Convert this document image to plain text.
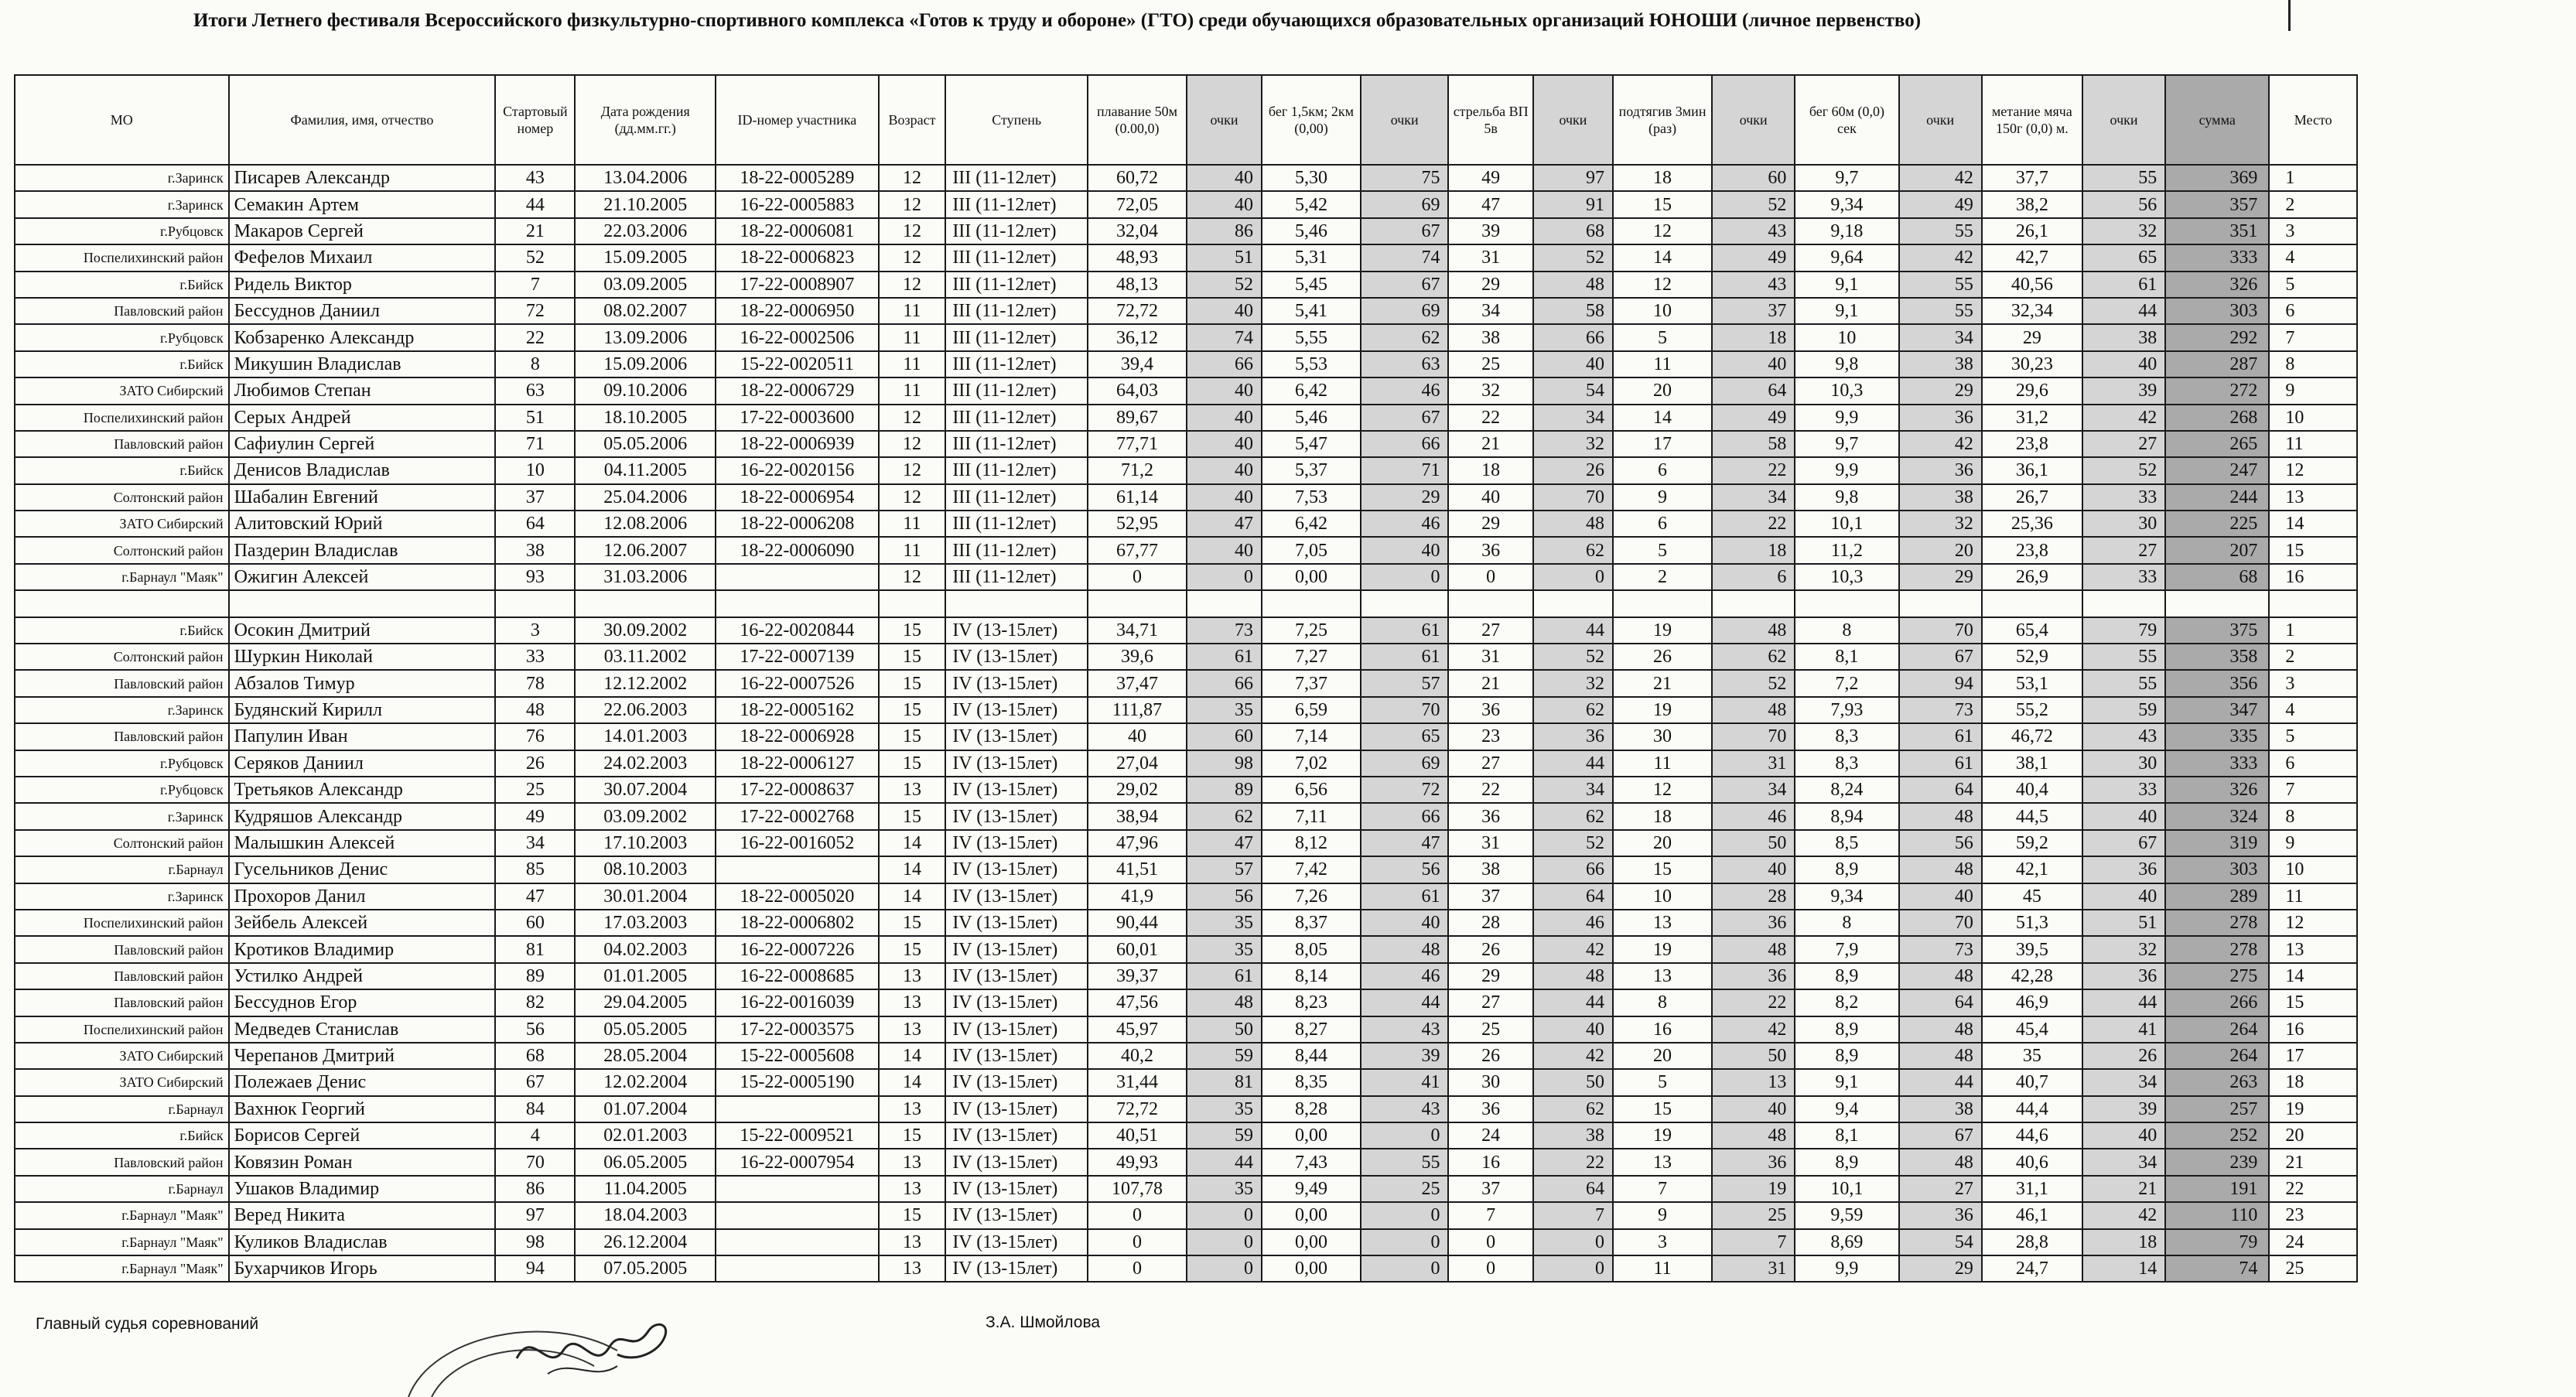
Итоги Летнего фестиваля Всероссийского физкультурно-спортивного комплекса «Готов к труду и обороне» (ГТО) среди обучающихся образовательных организаций ЮНОШИ (личное первенство)
МО	Фамилия, имя, отчество	Стартовый номер	Дата рождения (дд.мм.гг.)	ID-номер участника	Возраст	Ступень	плавание 50м (0.00,0)	очки	бег 1,5км; 2км (0,00)	очки	стрельба ВП 5в	очки	подтягив 3мин (раз)	очки	бег 60м (0,0) сек	очки	метание мяча 150г (0,0) м.	очки	сумма	Место
г.Заринск	Писарев Александр	43	13.04.2006	18-22-0005289	12	III (11-12лет)	60,72	40	5,30	75	49	97	18	60	9,7	42	37,7	55	369	1
г.Заринск	Семакин Артем	44	21.10.2005	16-22-0005883	12	III (11-12лет)	72,05	40	5,42	69	47	91	15	52	9,34	49	38,2	56	357	2
г.Рубцовск	Макаров Сергей	21	22.03.2006	18-22-0006081	12	III (11-12лет)	32,04	86	5,46	67	39	68	12	43	9,18	55	26,1	32	351	3
Поспелихинский район	Фефелов Михаил	52	15.09.2005	18-22-0006823	12	III (11-12лет)	48,93	51	5,31	74	31	52	14	49	9,64	42	42,7	65	333	4
г.Бийск	Ридель Виктор	7	03.09.2005	17-22-0008907	12	III (11-12лет)	48,13	52	5,45	67	29	48	12	43	9,1	55	40,56	61	326	5
Павловский район	Бессуднов Даниил	72	08.02.2007	18-22-0006950	11	III (11-12лет)	72,72	40	5,41	69	34	58	10	37	9,1	55	32,34	44	303	6
г.Рубцовск	Кобзаренко Александр	22	13.09.2006	16-22-0002506	11	III (11-12лет)	36,12	74	5,55	62	38	66	5	18	10	34	29	38	292	7
г.Бийск	Микушин Владислав	8	15.09.2006	15-22-0020511	11	III (11-12лет)	39,4	66	5,53	63	25	40	11	40	9,8	38	30,23	40	287	8
ЗАТО Сибирский	Любимов Степан	63	09.10.2006	18-22-0006729	11	III (11-12лет)	64,03	40	6,42	46	32	54	20	64	10,3	29	29,6	39	272	9
Поспелихинский район	Серых Андрей	51	18.10.2005	17-22-0003600	12	III (11-12лет)	89,67	40	5,46	67	22	34	14	49	9,9	36	31,2	42	268	10
Павловский район	Сафиулин Сергей	71	05.05.2006	18-22-0006939	12	III (11-12лет)	77,71	40	5,47	66	21	32	17	58	9,7	42	23,8	27	265	11
г.Бийск	Денисов Владислав	10	04.11.2005	16-22-0020156	12	III (11-12лет)	71,2	40	5,37	71	18	26	6	22	9,9	36	36,1	52	247	12
Солтонский район	Шабалин Евгений	37	25.04.2006	18-22-0006954	12	III (11-12лет)	61,14	40	7,53	29	40	70	9	34	9,8	38	26,7	33	244	13
ЗАТО Сибирский	Алитовский Юрий	64	12.08.2006	18-22-0006208	11	III (11-12лет)	52,95	47	6,42	46	29	48	6	22	10,1	32	25,36	30	225	14
Солтонский район	Паздерин Владислав	38	12.06.2007	18-22-0006090	11	III (11-12лет)	67,77	40	7,05	40	36	62	5	18	11,2	20	23,8	27	207	15
г.Барнаул "Маяк"	Ожигин Алексей	93	31.03.2006		12	III (11-12лет)	0	0	0,00	0	0	0	2	6	10,3	29	26,9	33	68	16

г.Бийск	Осокин Дмитрий	3	30.09.2002	16-22-0020844	15	IV (13-15лет)	34,71	73	7,25	61	27	44	19	48	8	70	65,4	79	375	1
Солтонский район	Шуркин Николай	33	03.11.2002	17-22-0007139	15	IV (13-15лет)	39,6	61	7,27	61	31	52	26	62	8,1	67	52,9	55	358	2
Павловский район	Абзалов Тимур	78	12.12.2002	16-22-0007526	15	IV (13-15лет)	37,47	66	7,37	57	21	32	21	52	7,2	94	53,1	55	356	3
г.Заринск	Будянский Кирилл	48	22.06.2003	18-22-0005162	15	IV (13-15лет)	111,87	35	6,59	70	36	62	19	48	7,93	73	55,2	59	347	4
Павловский район	Папулин Иван	76	14.01.2003	18-22-0006928	15	IV (13-15лет)	40	60	7,14	65	23	36	30	70	8,3	61	46,72	43	335	5
г.Рубцовск	Серяков Даниил	26	24.02.2003	18-22-0006127	15	IV (13-15лет)	27,04	98	7,02	69	27	44	11	31	8,3	61	38,1	30	333	6
г.Рубцовск	Третьяков Александр	25	30.07.2004	17-22-0008637	13	IV (13-15лет)	29,02	89	6,56	72	22	34	12	34	8,24	64	40,4	33	326	7
г.Заринск	Кудряшов Александр	49	03.09.2002	17-22-0002768	15	IV (13-15лет)	38,94	62	7,11	66	36	62	18	46	8,94	48	44,5	40	324	8
Солтонский район	Малышкин Алексей	34	17.10.2003	16-22-0016052	14	IV (13-15лет)	47,96	47	8,12	47	31	52	20	50	8,5	56	59,2	67	319	9
г.Барнаул	Гусельников Денис	85	08.10.2003		14	IV (13-15лет)	41,51	57	7,42	56	38	66	15	40	8,9	48	42,1	36	303	10
г.Заринск	Прохоров Данил	47	30.01.2004	18-22-0005020	14	IV (13-15лет)	41,9	56	7,26	61	37	64	10	28	9,34	40	45	40	289	11
Поспелихинский район	Зейбель Алексей	60	17.03.2003	18-22-0006802	15	IV (13-15лет)	90,44	35	8,37	40	28	46	13	36	8	70	51,3	51	278	12
Павловский район	Кротиков Владимир	81	04.02.2003	16-22-0007226	15	IV (13-15лет)	60,01	35	8,05	48	26	42	19	48	7,9	73	39,5	32	278	13
Павловский район	Устилко Андрей	89	01.01.2005	16-22-0008685	13	IV (13-15лет)	39,37	61	8,14	46	29	48	13	36	8,9	48	42,28	36	275	14
Павловский район	Бессуднов Егор	82	29.04.2005	16-22-0016039	13	IV (13-15лет)	47,56	48	8,23	44	27	44	8	22	8,2	64	46,9	44	266	15
Поспелихинский район	Медведев Станислав	56	05.05.2005	17-22-0003575	13	IV (13-15лет)	45,97	50	8,27	43	25	40	16	42	8,9	48	45,4	41	264	16
ЗАТО Сибирский	Черепанов Дмитрий	68	28.05.2004	15-22-0005608	14	IV (13-15лет)	40,2	59	8,44	39	26	42	20	50	8,9	48	35	26	264	17
ЗАТО Сибирский	Полежаев Денис	67	12.02.2004	15-22-0005190	14	IV (13-15лет)	31,44	81	8,35	41	30	50	5	13	9,1	44	40,7	34	263	18
г.Барнаул	Вахнюк Георгий	84	01.07.2004		13	IV (13-15лет)	72,72	35	8,28	43	36	62	15	40	9,4	38	44,4	39	257	19
г.Бийск	Борисов Сергей	4	02.01.2003	15-22-0009521	15	IV (13-15лет)	40,51	59	0,00	0	24	38	19	48	8,1	67	44,6	40	252	20
Павловский район	Ковязин Роман	70	06.05.2005	16-22-0007954	13	IV (13-15лет)	49,93	44	7,43	55	16	22	13	36	8,9	48	40,6	34	239	21
г.Барнаул	Ушаков Владимир	86	11.04.2005		13	IV (13-15лет)	107,78	35	9,49	25	37	64	7	19	10,1	27	31,1	21	191	22
г.Барнаул "Маяк"	Веред Никита	97	18.04.2003		15	IV (13-15лет)	0	0	0,00	0	7	7	9	25	9,59	36	46,1	42	110	23
г.Барнаул "Маяк"	Куликов Владислав	98	26.12.2004		13	IV (13-15лет)	0	0	0,00	0	0	0	3	7	8,69	54	28,8	18	79	24
г.Барнаул "Маяк"	Бухарчиков Игорь	94	07.05.2005		13	IV (13-15лет)	0	0	0,00	0	0	0	11	31	9,9	29	24,7	14	74	25
Главный судья соревнований	З.А. Шмойлова
